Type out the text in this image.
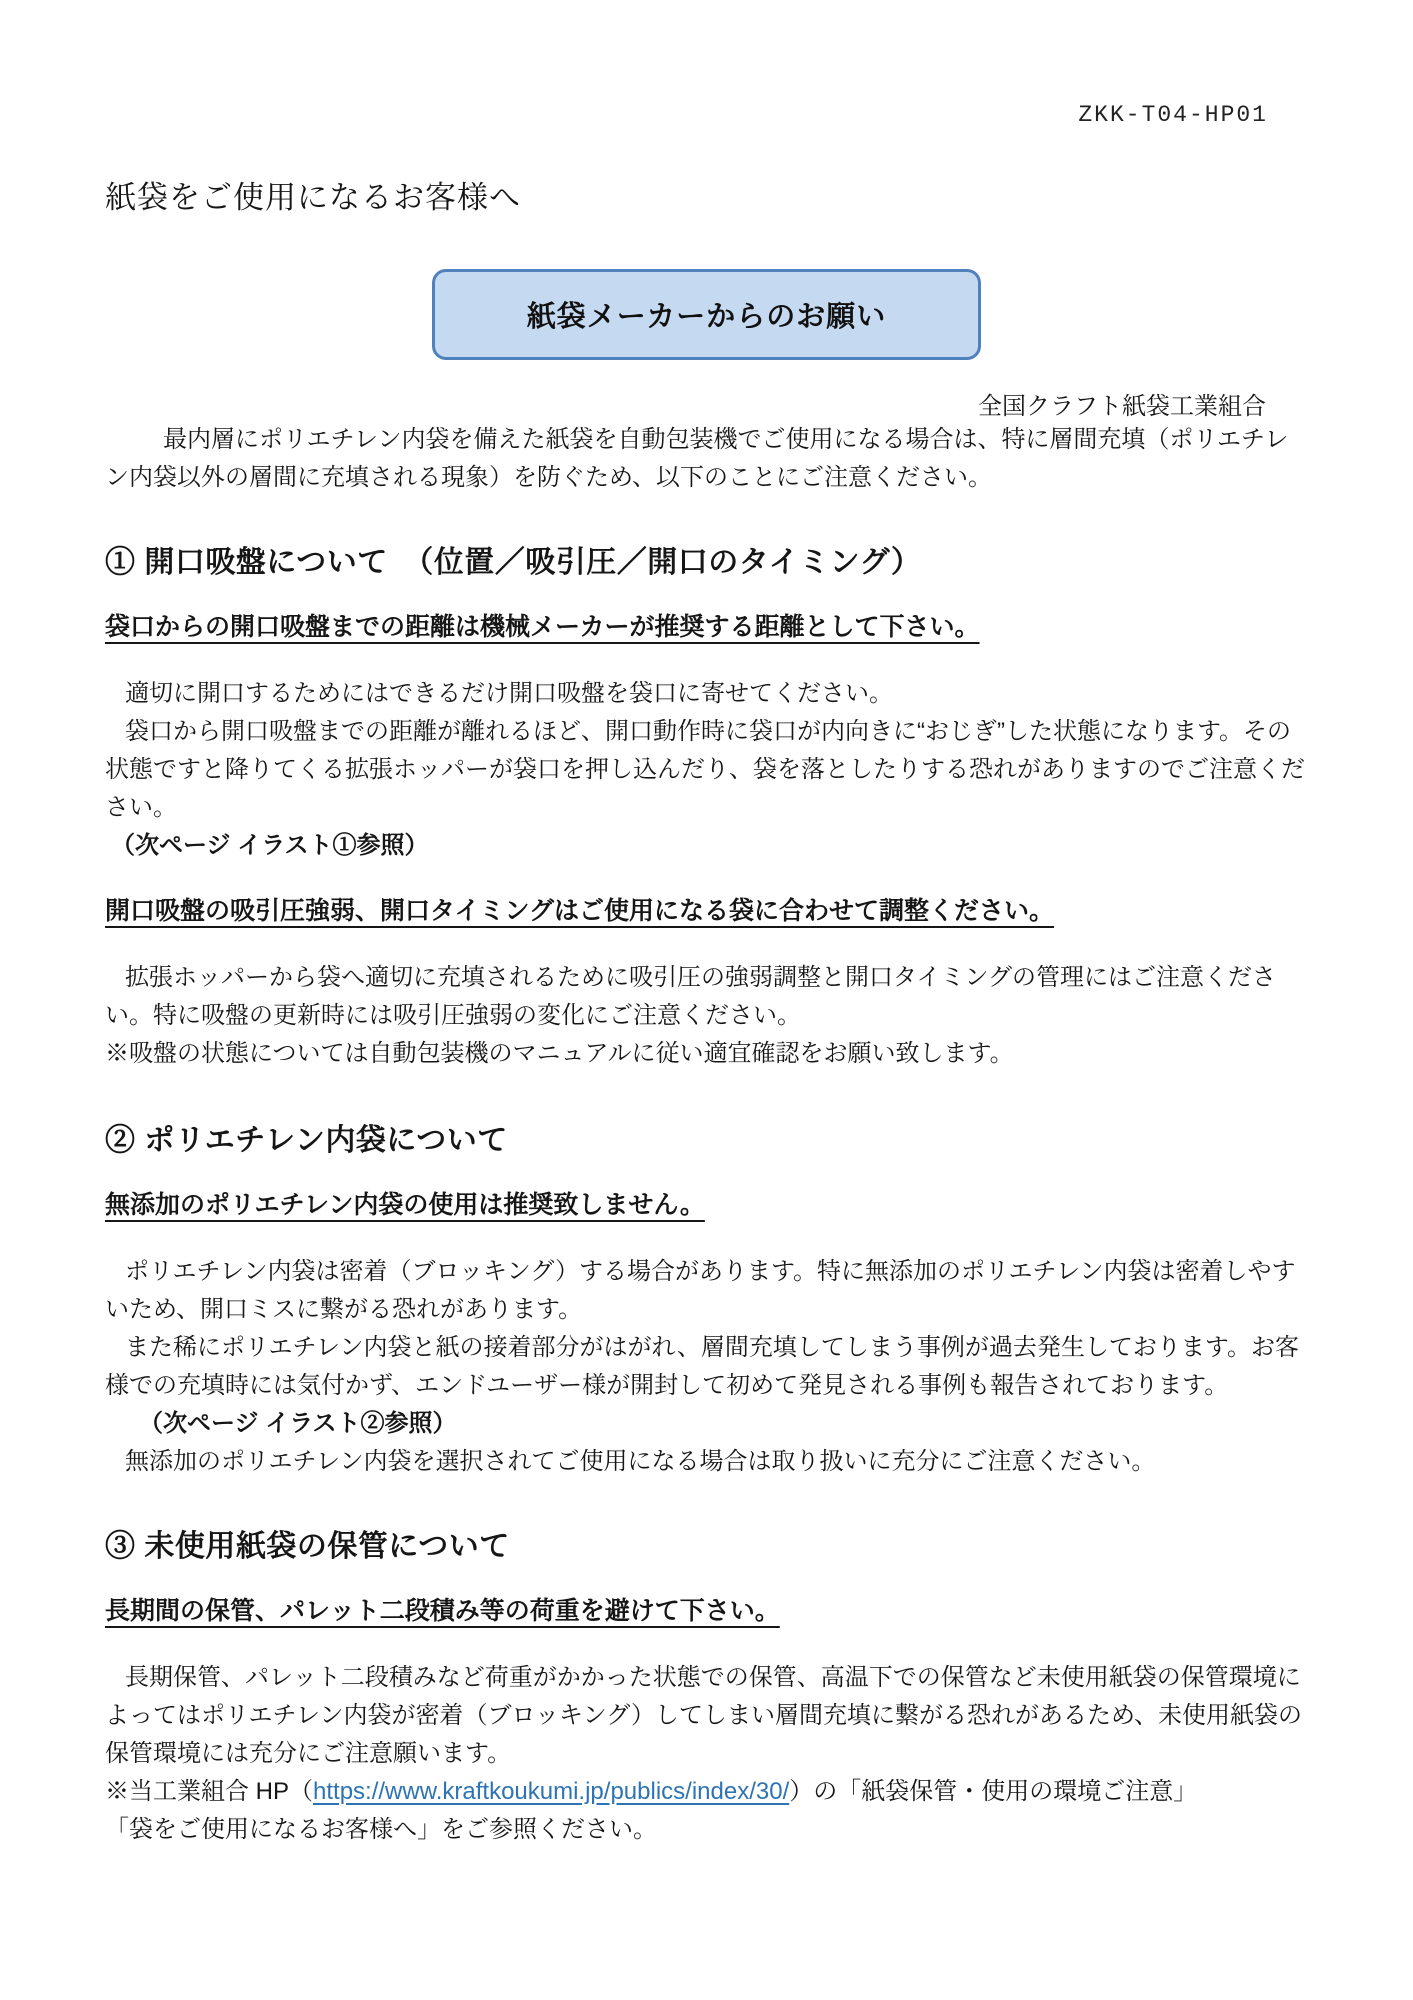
ZKK-T04-HP01
紙袋をご使用になるお客様へ
紙袋メーカーからのお願い
全国クラフト紙袋工業組合

最内層にポリエチレン内袋を備えた紙袋を自動包装機でご使用になる場合は、特に層間充填（ポリエチレン内袋以外の層間に充填される現象）を防ぐため、以下のことにご注意ください。

① 開口吸盤について　（位置／吸引圧／開口のタイミング）
袋口からの開口吸盤までの距離は機械メーカーが推奨する距離として下さい。

適切に開口するためにはできるだけ開口吸盤を袋口に寄せてください。

袋口から開口吸盤までの距離が離れるほど、開口動作時に袋口が内向きに“おじぎ”した状態になります。その状態ですと降りてくる拡張ホッパーが袋口を押し込んだり、袋を落としたりする恐れがありますのでご注意ください。

（次ページ イラスト①参照）

開口吸盤の吸引圧強弱、開口タイミングはご使用になる袋に合わせて調整ください。

拡張ホッパーから袋へ適切に充填されるために吸引圧の強弱調整と開口タイミングの管理にはご注意ください。特に吸盤の更新時には吸引圧強弱の変化にご注意ください。

※吸盤の状態については自動包装機のマニュアルに従い適宜確認をお願い致します。

② ポリエチレン内袋について
無添加のポリエチレン内袋の使用は推奨致しません。

ポリエチレン内袋は密着（ブロッキング）する場合があります。特に無添加のポリエチレン内袋は密着しやすいため、開口ミスに繋がる恐れがあります。

また稀にポリエチレン内袋と紙の接着部分がはがれ、層間充填してしまう事例が過去発生しております。お客様での充填時には気付かず、エンドユーザー様が開封して初めて発見される事例も報告されております。

（次ページ イラスト②参照）

無添加のポリエチレン内袋を選択されてご使用になる場合は取り扱いに充分にご注意ください。

③ 未使用紙袋の保管について
長期間の保管、パレット二段積み等の荷重を避けて下さい。

長期保管、パレット二段積みなど荷重がかかった状態での保管、高温下での保管など未使用紙袋の保管環境によってはポリエチレン内袋が密着（ブロッキング）してしまい層間充填に繋がる恐れがあるため、未使用紙袋の保管環境には充分にご注意願います。

※当工業組合 HP（https://www.kraftkoukumi.jp/publics/index/30/）の「紙袋保管・使用の環境ご注意」
「袋をご使用になるお客様へ」をご参照ください。
